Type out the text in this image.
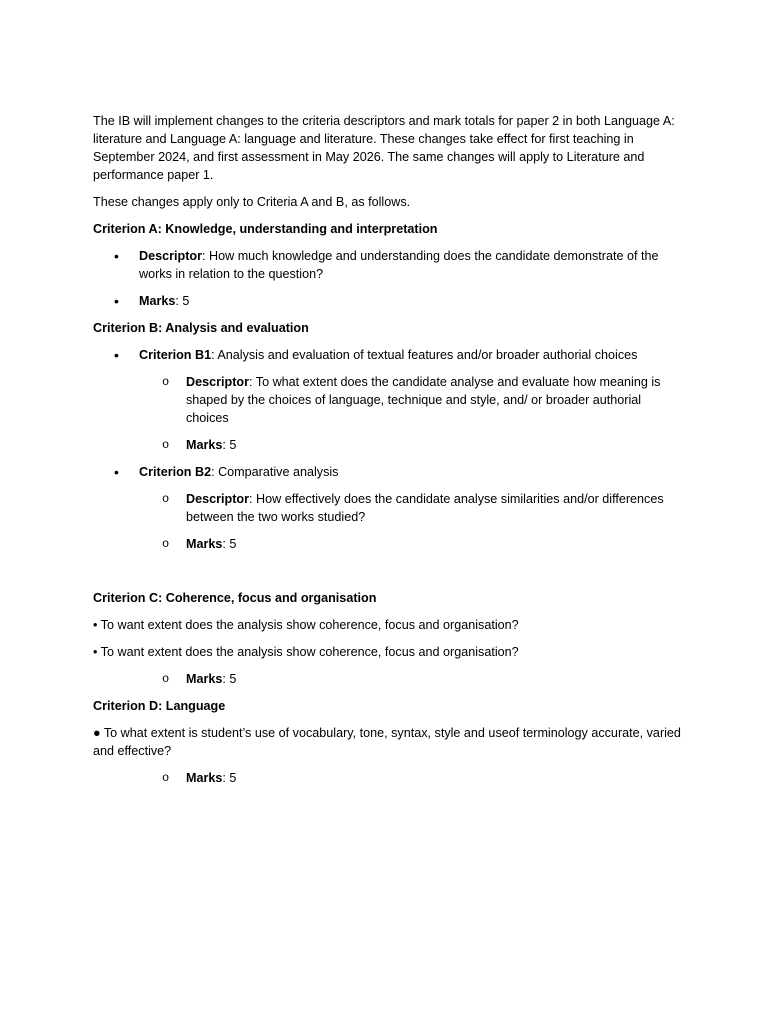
The IB will implement changes to the criteria descriptors and mark totals for paper 2 in both Language A: literature and Language A: language and literature. These changes take effect for first teaching in September 2024, and first assessment in May 2026. The same changes will apply to Literature and performance paper 1.

These changes apply only to Criteria A and B, as follows.

Criterion A: Knowledge, understanding and interpretation

•	Descriptor: How much knowledge and understanding does the candidate demonstrate of the works in relation to the question?
•	Marks: 5

Criterion B: Analysis and evaluation

•	Criterion B1: Analysis and evaluation of textual features and/or broader authorial choices
o	Descriptor: To what extent does the candidate analyse and evaluate how meaning is shaped by the choices of language, technique and style, and/ or broader authorial choices
o	Marks: 5
•	Criterion B2: Comparative analysis
o	Descriptor: How effectively does the candidate analyse similarities and/or differences between the two works studied?
o	Marks: 5

Criterion C: Coherence, focus and organisation

• To want extent does the analysis show coherence, focus and organisation?

• To want extent does the analysis show coherence, focus and organisation?

o	Marks: 5

Criterion D: Language

● To what extent is student’s use of vocabulary, tone, syntax, style and useof terminology accurate, varied and effective?

o	Marks: 5
